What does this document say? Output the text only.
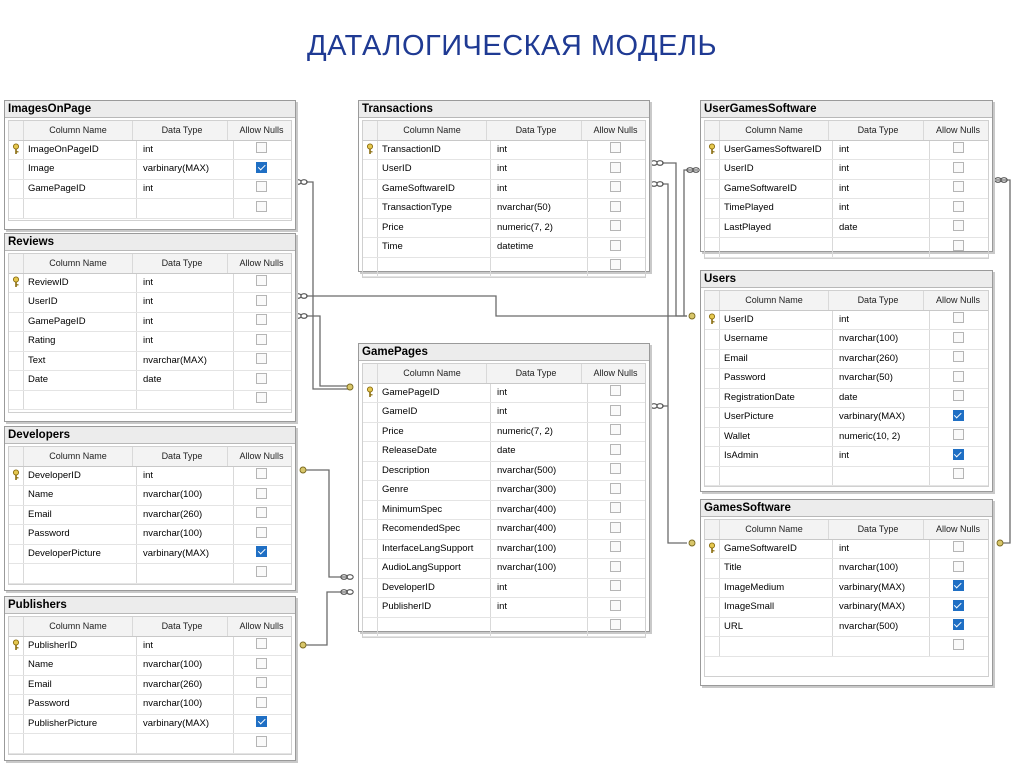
ДАТАЛОГИЧЕСКАЯ МОДЕЛЬ
ImagesOnPage
Column Name	Data Type	Allow Nulls
ImageOnPageID	int
Image	varbinary(MAX)
GamePageID	int
Reviews
Column Name	Data Type	Allow Nulls
ReviewID	int
UserID	int
GamePageID	int
Rating	int
Text	nvarchar(MAX)
Date	date
Developers
Column Name	Data Type	Allow Nulls
DeveloperID	int
Name	nvarchar(100)
Email	nvarchar(260)
Password	nvarchar(100)
DeveloperPicture	varbinary(MAX)
Publishers
Column Name	Data Type	Allow Nulls
PublisherID	int
Name	nvarchar(100)
Email	nvarchar(260)
Password	nvarchar(100)
PublisherPicture	varbinary(MAX)
Transactions
Column Name	Data Type	Allow Nulls
TransactionID	int
UserID	int
GameSoftwareID	int
TransactionType	nvarchar(50)
Price	numeric(7, 2)
Time	datetime
GamePages
Column Name	Data Type	Allow Nulls
GamePageID	int
GameID	int
Price	numeric(7, 2)
ReleaseDate	date
Description	nvarchar(500)
Genre	nvarchar(300)
MinimumSpec	nvarchar(400)
RecomendedSpec	nvarchar(400)
InterfaceLangSupport	nvarchar(100)
AudioLangSupport	nvarchar(100)
DeveloperID	int
PublisherID	int
UserGamesSoftware
Column Name	Data Type	Allow Nulls
UserGamesSoftwareID	int
UserID	int
GameSoftwareID	int
TimePlayed	int
LastPlayed	date
Users
Column Name	Data Type	Allow Nulls
UserID	int
Username	nvarchar(100)
Email	nvarchar(260)
Password	nvarchar(50)
RegistrationDate	date
UserPicture	varbinary(MAX)
Wallet	numeric(10, 2)
IsAdmin	int
GamesSoftware
Column Name	Data Type	Allow Nulls
GameSoftwareID	int
Title	nvarchar(100)
ImageMedium	varbinary(MAX)
ImageSmall	varbinary(MAX)
URL	nvarchar(500)
